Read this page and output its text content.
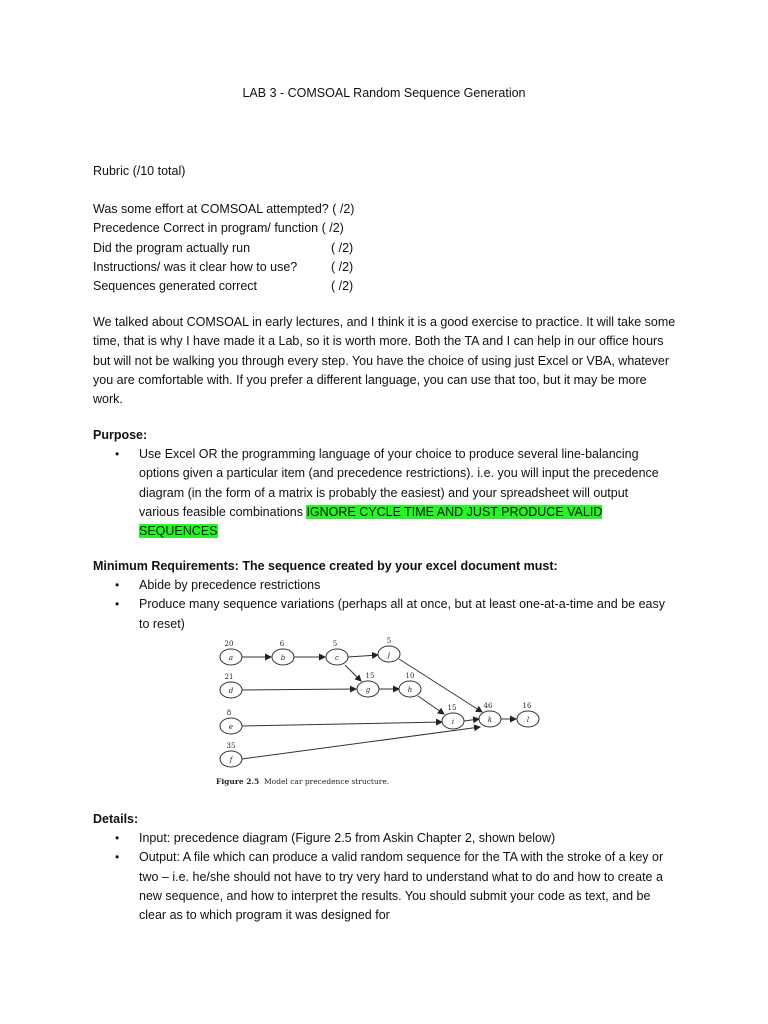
LAB 3 - COMSOAL Random Sequence Generation
Rubric (/10 total)
Was some effort at COMSOAL attempted? ( /2)
Precedence Correct in program/ function ( /2)
Did the program actually run	( /2)
Instructions/ was it clear how to use?	( /2)
Sequences generated correct	( /2)
We talked about COMSOAL in early lectures, and I think it is a good exercise to practice. It will take some time, that is why I have made it a Lab, so it is worth more. Both the TA and I can help in our office hours but will not be walking you through every step. You have the choice of using just Excel or VBA, whatever you are comfortable with. If you prefer a different language, you can use that too, but it may be more work.
Purpose:
• Use Excel OR the programming language of your choice to produce several line-balancing options given a particular item (and precedence restrictions). i.e. you will input the precedence diagram (in the form of a matrix is probably the easiest) and your spreadsheet will output various feasible combinations IGNORE CYCLE TIME AND JUST PRODUCE VALID SEQUENCES
Minimum Requirements: The sequence created by your excel document must:
• Abide by precedence restrictions
• Produce many sequence variations (perhaps all at once, but at least one-at-a-time and be easy to reset)
a	b	c	j
d	g	h
e
i	k	l
f
20	6	5	5
21	15	10
8
15	46	16
35
Figure 2.5 Model car precedence structure.
Details:
• Input: precedence diagram (Figure 2.5 from Askin Chapter 2, shown below)
• Output: A file which can produce a valid random sequence for the TA with the stroke of a key or two – i.e. he/she should not have to try very hard to understand what to do and how to create a new sequence, and how to interpret the results. You should submit your code as text, and be clear as to which program it was designed for
